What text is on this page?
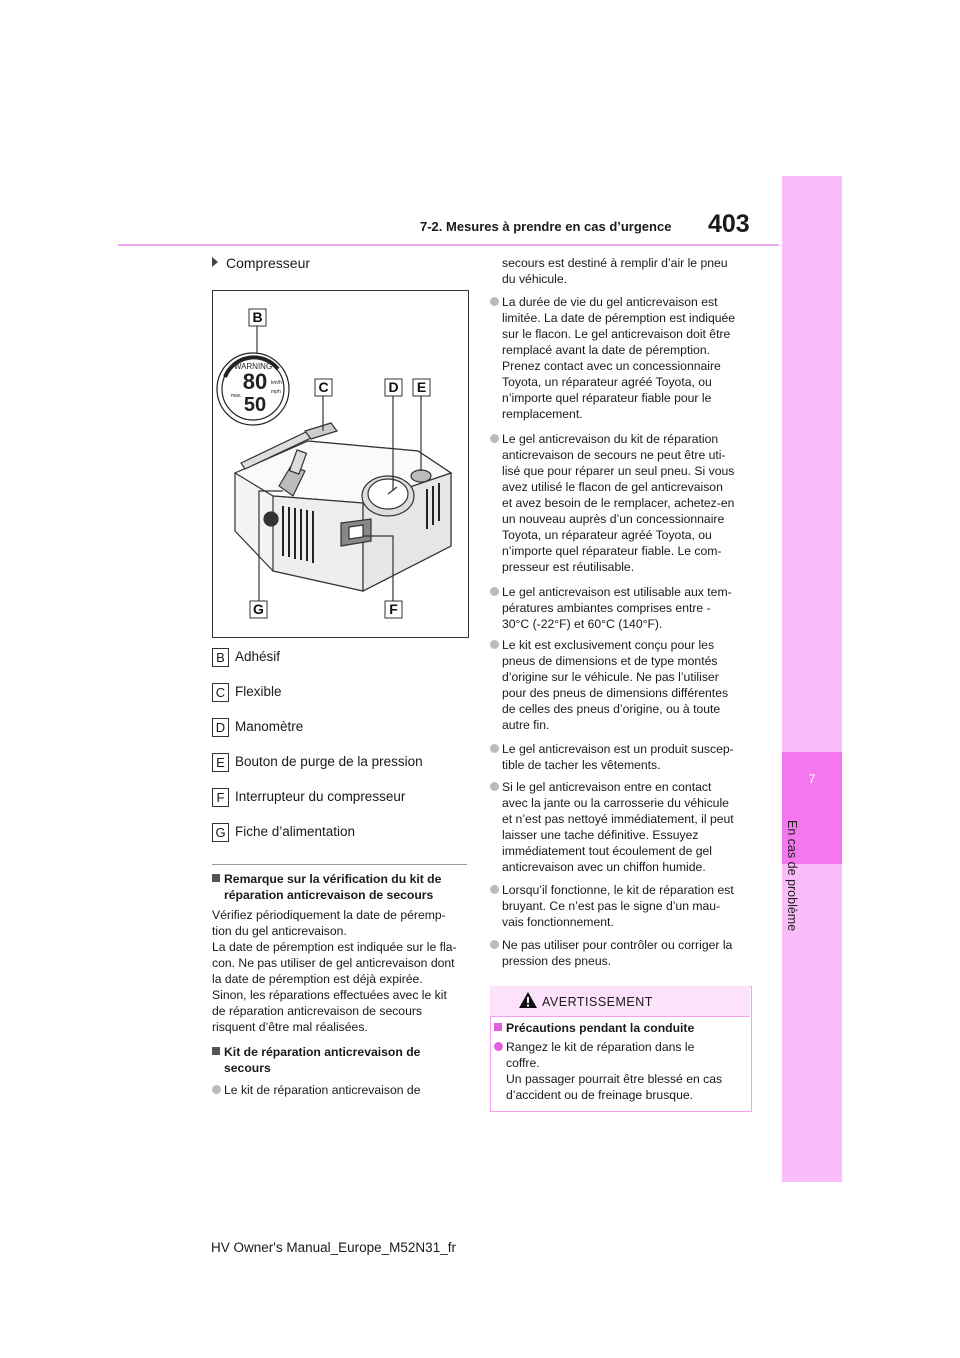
403
7-2. Mesures à prendre en cas d’urgence
7
En cas de problème
Compresseur
WARNING
80
50
max.
km/h
mph
B
C	D E
F
G
B Adhésif
C Flexible
D Manomètre
E Bouton de purge de la pression
F Interrupteur du compresseur
G Fiche d’alimentation
Remarque sur la vérification du kit de
réparation anticrevaison de secours
Vérifiez périodiquement la date de péremp-
tion du gel anticrevaison.
La date de péremption est indiquée sur le fla-
con. Ne pas utiliser de gel anticrevaison dont
la date de péremption est déjà expirée.
Sinon, les réparations effectuées avec le kit
de réparation anticrevaison de secours
risquent d’être mal réalisées.
Kit de réparation anticrevaison de
secours
Le kit de réparation anticrevaison de
secours est destiné à remplir d’air le pneu
du véhicule.
La durée de vie du gel anticrevaison est
limitée. La date de péremption est indiquée
sur le flacon. Le gel anticrevaison doit être
remplacé avant la date de péremption.
Prenez contact avec un concessionnaire
Toyota, un réparateur agréé Toyota, ou
n’importe quel réparateur fiable pour le
remplacement.
Le gel anticrevaison du kit de réparation
anticrevaison de secours ne peut être uti-
lisé que pour réparer un seul pneu. Si vous
avez utilisé le flacon de gel anticrevaison
et avez besoin de le remplacer, achetez-en
un nouveau auprès d’un concessionnaire
Toyota, un réparateur agréé Toyota, ou
n’importe quel réparateur fiable. Le com-
presseur est réutilisable.
Le gel anticrevaison est utilisable aux tem-
pératures ambiantes comprises entre -
30°C (-22°F) et 60°C (140°F).
Le kit est exclusivement conçu pour les
pneus de dimensions et de type montés
d’origine sur le véhicule. Ne pas l’utiliser
pour des pneus de dimensions différentes
de celles des pneus d’origine, ou à toute
autre fin.
Le gel anticrevaison est un produit suscep-
tible de tacher les vêtements.
Si le gel anticrevaison entre en contact
avec la jante ou la carrosserie du véhicule
et n’est pas nettoyé immédiatement, il peut
laisser une tache définitive. Essuyez
immédiatement tout écoulement de gel
anticrevaison avec un chiffon humide.
Lorsqu’il fonctionne, le kit de réparation est
bruyant. Ce n’est pas le signe d’un mau-
vais fonctionnement.
Ne pas utiliser pour contrôler ou corriger la
pression des pneus.
AVERTISSEMENT
Précautions pendant la conduite
Rangez le kit de réparation dans le
coffre.
Un passager pourrait être blessé en cas
d’accident ou de freinage brusque.
HV Owner's Manual_Europe_M52N31_fr
